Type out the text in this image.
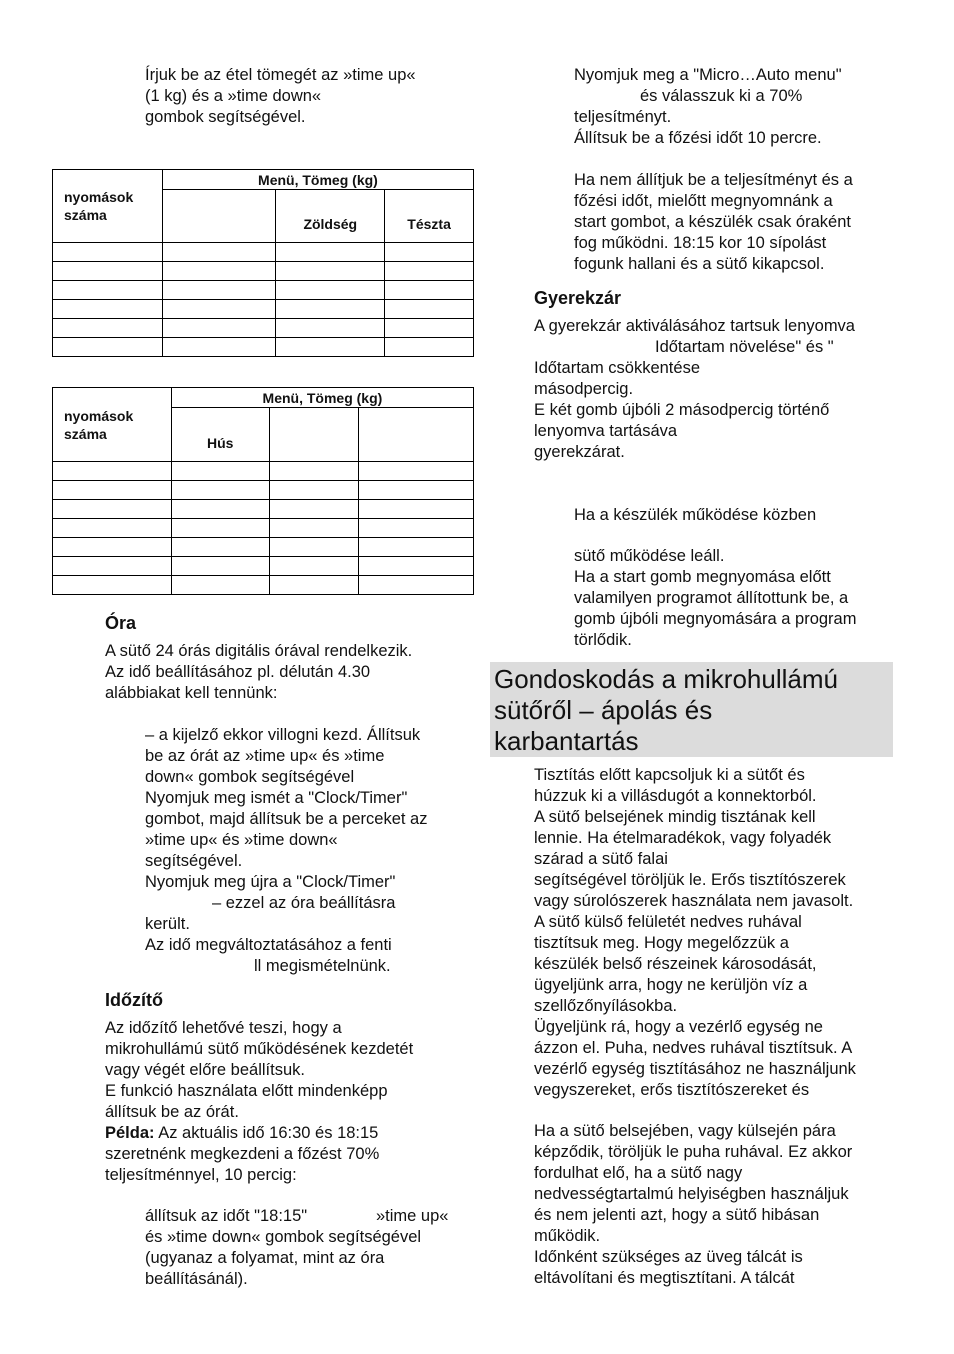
Írjuk be az étel tömegét az »time up«
(1 kg) és a »time down«
gombok segítségével.
nyomások száma	Menü, Tömeg (kg)		
		Zöldség	Tészta

nyomások száma	Menü, Tömeg (kg)		
	Hús		

Óra
A sütő 24 órás digitális órával rendelkezik.
Az idő beállításához pl. délután 4.30
alábbiakat kell tennünk:
– a kijelző ekkor villogni kezd. Állítsuk
be az órát az »time up« és »time
down« gombok segítségével
Nyomjuk meg ismét a "Clock/Timer"
gombot, majd állítsuk be a perceket az
»time up« és »time down«
segítségével.
Nyomjuk meg újra a "Clock/Timer"
– ezzel az óra beállításra
került.
Az idő megváltoztatásához a fenti
ll megismételnünk.
Időzítő
Az időzítő lehetővé teszi, hogy a
mikrohullámú sütő működésének kezdetét
vagy végét előre beállítsuk.
E funkció használata előtt mindenképp
állítsuk be az órát.
Példa: Az aktuális idő 16:30 és 18:15
szeretnénk megkezdeni a főzést 70%
teljesítménnyel, 10 percig:
állítsuk az időt "18:15"	»time up«
és »time down« gombok segítségével
(ugyanaz a folyamat, mint az óra
beállításánál).
Nyomjuk meg a "Micro…Auto menu"
és válasszuk ki a 70%
teljesítményt.
Állítsuk be a főzési időt 10 percre.
Ha nem állítjuk be a teljesítményt és a
főzési időt, mielőtt megnyomnánk a
start gombot, a készülék csak óraként
fog működni. 18:15 kor 10 sípolást
fogunk hallani és a sütő kikapcsol.
Gyerekzár
A gyerekzár aktiválásához tartsuk lenyomva
Időtartam növelése" és "
Időtartam csökkentése
másodpercig.
E két gomb újbóli 2 másodpercig történő
lenyomva tartásáva
gyerekzárat.
Ha a készülék működése közben
sütő működése leáll.
Ha a start gomb megnyomása előtt
valamilyen programot állítottunk be, a
gomb újbóli megnyomására a program
törlődik.
Gondoskodás a mikrohullámú
sütőről – ápolás és
karbantartás
Tisztítás előtt kapcsoljuk ki a sütőt és
húzzuk ki a villásdugót a konnektorból.
A sütő belsejének mindig tisztának kell
lennie. Ha ételmaradékok, vagy folyadék
szárad a sütő falai
segítségével töröljük le. Erős tisztítószerek
vagy súrolószerek használata nem javasolt.
A sütő külső felületét nedves ruhával
tisztítsuk meg. Hogy megelőzzük a
készülék belső részeinek károsodását,
ügyeljünk arra, hogy ne kerüljön víz a
szellőzőnyílásokba.
Ügyeljünk rá, hogy a vezérlő egység ne
ázzon el. Puha, nedves ruhával tisztítsuk. A
vezérlő egység tisztításához ne használjunk
vegyszereket, erős tisztítószereket és
Ha a sütő belsejében, vagy külsején pára
képződik, töröljük le puha ruhával. Ez akkor
fordulhat elő, ha a sütő nagy
nedvességtartalmú helyiségben használjuk
és nem jelenti azt, hogy a sütő hibásan
működik.
Időnként szükséges az üveg tálcát is
eltávolítani és megtisztítani. A tálcát
